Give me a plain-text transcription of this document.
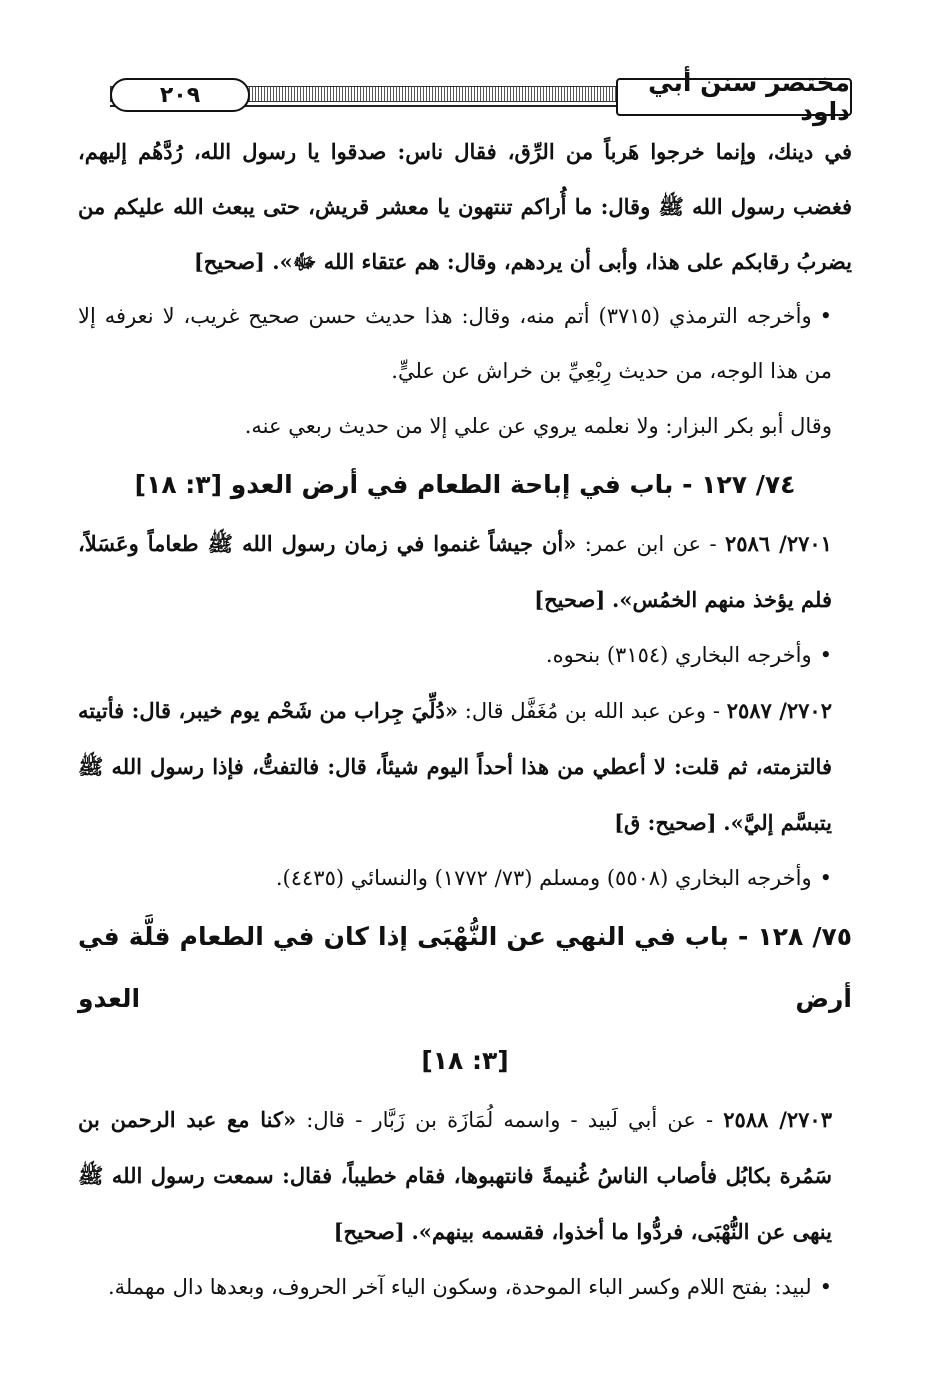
مختصر سنن أبي داود
٢٠٩

في دينك، وإنما خرجوا هَرباً من الرِّق، فقال ناس: صدقوا يا رسول الله، رُدَّهُم إليهم، فغضب رسول الله ﷺ وقال: ما أُراكم تنتهون يا معشر قريش، حتى يبعث الله عليكم من يضربُ رقابكم على هذا، وأبى أن يردهم، وقال: هم عتقاء الله ﷻ». [صحيح]

•وأخرجه الترمذي (٣٧١٥) أتم منه، وقال: هذا حديث حسن صحيح غريب، لا نعرفه إلا من هذا الوجه، من حديث رِبْعِيِّ بن خراش عن عليٍّ.

وقال أبو بكر البزار: ولا نعلمه يروي عن علي إلا من حديث ربعي عنه.

٧٤/ ١٢٧ - باب في إباحة الطعام في أرض العدو [٣: ١٨]

٢٧٠١/ ٢٥٨٦ - عن ابن عمر: «أن جيشاً غنموا في زمان رسول الله ﷺ طعاماً وعَسَلاً، فلم يؤخذ منهم الخمُس». [صحيح]

•وأخرجه البخاري (٣١٥٤) بنحوه.

٢٧٠٢/ ٢٥٨٧ - وعن عبد الله بن مُغَفَّل قال: «دُلِّيَ جِراب من شَحْم يوم خيبر، قال: فأتيته فالتزمته، ثم قلت: لا أعطي من هذا أحداً اليوم شيئاً، قال: فالتفتُّ، فإذا رسول الله ﷺ يتبسَّم إليَّ». [صحيح: ق]

•وأخرجه البخاري (٥٥٠٨) ومسلم (٧٣/ ١٧٧٢) والنسائي (٤٤٣٥).

٧٥/ ١٢٨ - باب في النهي عن النُّهْبَى إذا كان في الطعام قلَّة في أرض العدو
[٣: ١٨]

٢٧٠٣/ ٢٥٨٨ - عن أبي لَبيد - واسمه لُمَازَة بن زَبَّار - قال: «كنا مع عبد الرحمن بن سَمُرة بكابُل فأصاب الناسُ غُنيمةً فانتهبوها، فقام خطيباً، فقال: سمعت رسول الله ﷺ ينهى عن النُّهْبَى، فردُّوا ما أخذوا، فقسمه بينهم». [صحيح]

•لبيد: بفتح اللام وكسر الباء الموحدة، وسكون الياء آخر الحروف، وبعدها دال مهملة.
